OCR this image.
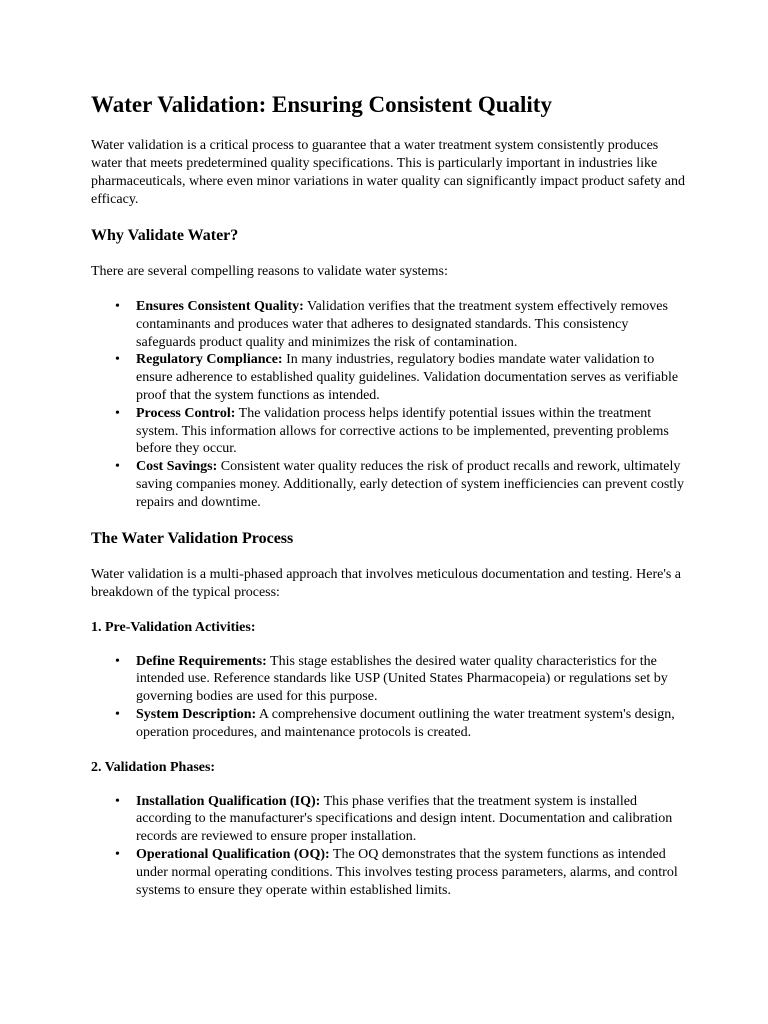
Water Validation: Ensuring Consistent Quality

Water validation is a critical process to guarantee that a water treatment system consistently produces water that meets predetermined quality specifications. This is particularly important in industries like pharmaceuticals, where even minor variations in water quality can significantly impact product safety and efficacy.

Why Validate Water?

There are several compelling reasons to validate water systems:

• Ensures Consistent Quality: Validation verifies that the treatment system effectively removes contaminants and produces water that adheres to designated standards. This consistency safeguards product quality and minimizes the risk of contamination.
• Regulatory Compliance: In many industries, regulatory bodies mandate water validation to ensure adherence to established quality guidelines. Validation documentation serves as verifiable proof that the system functions as intended.
• Process Control: The validation process helps identify potential issues within the treatment system. This information allows for corrective actions to be implemented, preventing problems before they occur.
• Cost Savings: Consistent water quality reduces the risk of product recalls and rework, ultimately saving companies money. Additionally, early detection of system inefficiencies can prevent costly repairs and downtime.
The Water Validation Process

Water validation is a multi-phased approach that involves meticulous documentation and testing. Here's a breakdown of the typical process:

1. Pre-Validation Activities:
• Define Requirements: This stage establishes the desired water quality characteristics for the intended use. Reference standards like USP (United States Pharmacopeia) or regulations set by governing bodies are used for this purpose.
• System Description: A comprehensive document outlining the water treatment system's design, operation procedures, and maintenance protocols is created.
2. Validation Phases:
• Installation Qualification (IQ): This phase verifies that the treatment system is installed according to the manufacturer's specifications and design intent. Documentation and calibration records are reviewed to ensure proper installation.
• Operational Qualification (OQ): The OQ demonstrates that the system functions as intended under normal operating conditions. This involves testing process parameters, alarms, and control systems to ensure they operate within established limits.
